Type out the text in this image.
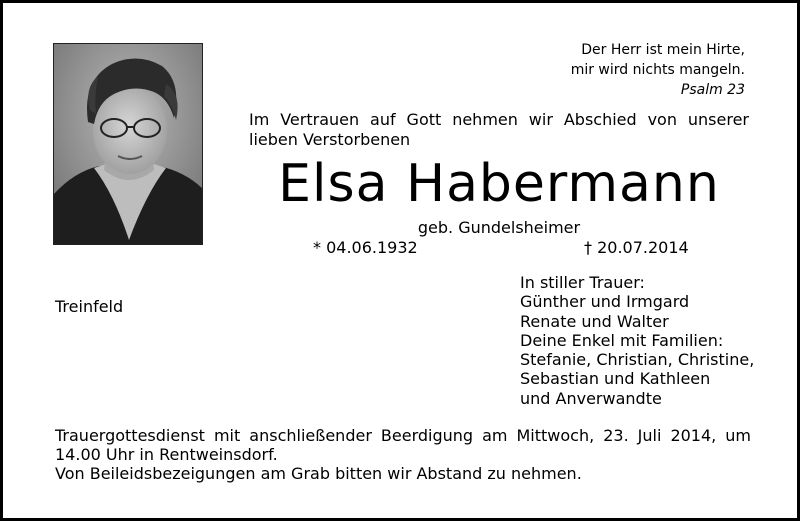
Der Herr ist mein Hirte,
mir wird nichts mangeln.
Psalm 23
Im Vertrauen auf Gott nehmen wir Abschied von unserer lieben Verstorbenen
Elsa Habermann
geb. Gundelsheimer
* 04.06.1932	† 20.07.2014
Treinfeld
In stiller Trauer:
Günther und Irmgard
Renate und Walter
Deine Enkel mit Familien:
Stefanie, Christian, Christine,
Sebastian und Kathleen
und Anverwandte
Trauergottesdienst mit anschließender Beerdigung am Mittwoch, 23. Juli 2014, um 14.00 Uhr in Rentweinsdorf.
Von Beileidsbezeigungen am Grab bitten wir Abstand zu nehmen.
